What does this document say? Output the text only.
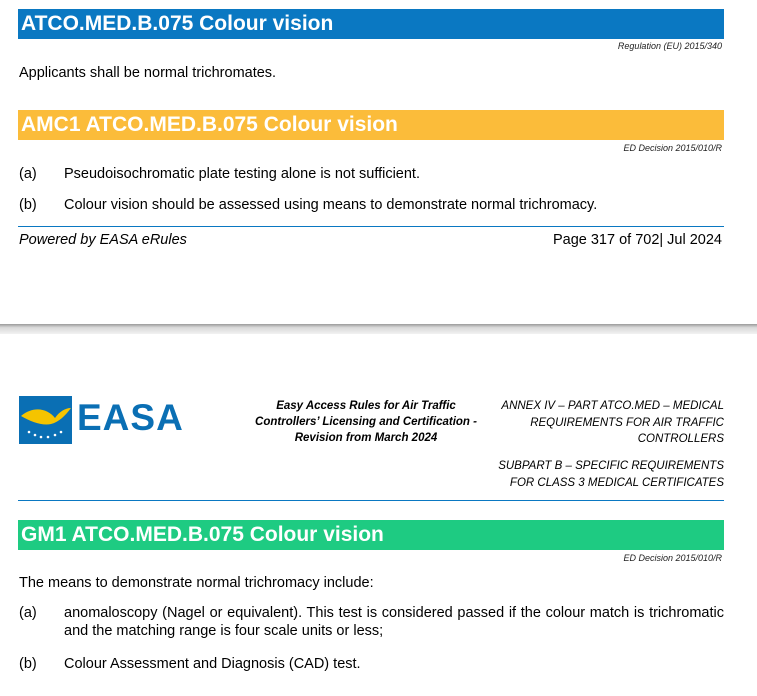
ATCO.MED.B.075 Colour vision
Regulation (EU) 2015/340
Applicants shall be normal trichromates.
AMC1 ATCO.MED.B.075 Colour vision
ED Decision 2015/010/R
(a) Pseudoisochromatic plate testing alone is not sufficient.
(b) Colour vision should be assessed using means to demonstrate normal trichromacy.
Powered by EASA eRules	Page 317 of 702| Jul 2024
EASA	Easy Access Rules for Air Traffic
Controllers’ Licensing and Certification -
Revision from March 2024
ANNEX IV – PART ATCO.MED – MEDICAL
REQUIREMENTS FOR AIR TRAFFIC
CONTROLLERS
SUBPART B – SPECIFIC REQUIREMENTS
FOR CLASS 3 MEDICAL CERTIFICATES
GM1 ATCO.MED.B.075 Colour vision
ED Decision 2015/010/R
The means to demonstrate normal trichromacy include:
(a) anomaloscopy (Nagel or equivalent). This test is considered passed if the colour match is trichromatic and the matching range is four scale units or less;
(b) Colour Assessment and Diagnosis (CAD) test.
